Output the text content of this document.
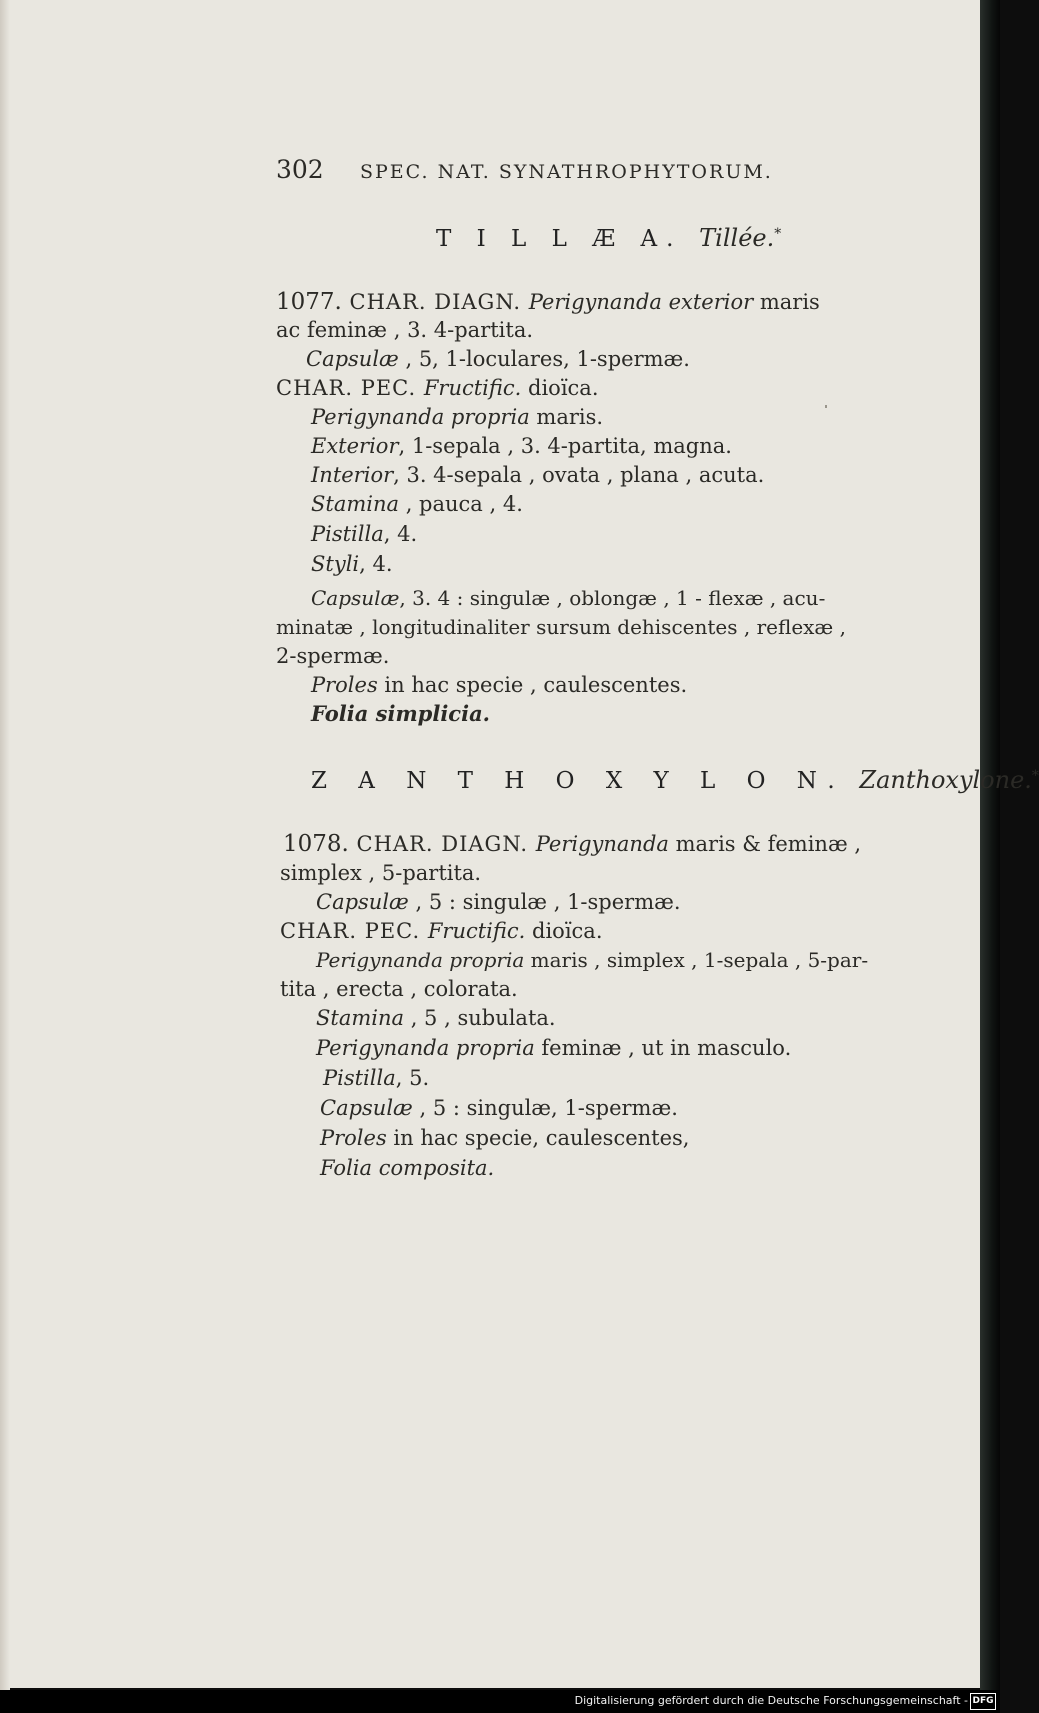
302 SPEC. NAT. SYNATHROPHYTORUM.
T I L L Æ A. Tillée.*
1077. CHAR. DIAGN. Perigynanda exterior maris
ac feminæ , 3. 4-partita.
Capsulæ , 5, 1-loculares, 1-spermæ.
CHAR. PEC. Fructific. dioïca.
Perigynanda propria maris.
Exterior, 1-sepala , 3. 4-partita, magna.
Interior, 3. 4-sepala , ovata , plana , acuta.
Stamina , pauca , 4.
Pistilla, 4.
Styli, 4.
Capsulæ, 3. 4 : singulæ , oblongæ , 1 - flexæ , acu-
minatæ , longitudinaliter sursum dehiscentes , reflexæ ,
2-spermæ.
Proles in hac specie , caulescentes.
Folia simplicia.
Z A N T H O X Y L O N. Zanthoxylone.*
1078. CHAR. DIAGN. Perigynanda maris & feminæ ,
simplex , 5-partita.
Capsulæ , 5 : singulæ , 1-spermæ.
CHAR. PEC. Fructific. dioïca.
Perigynanda propria maris , simplex , 1-sepala , 5-par-
tita , erecta , colorata.
Stamina , 5 , subulata.
Perigynanda propria feminæ , ut in masculo.
Pistilla, 5.
Capsulæ , 5 : singulæ, 1-spermæ.
Proles in hac specie, caulescentes,
Folia composita.
Digitalisierung gefördert durch die Deutsche Forschungsgemeinschaft - DFG
